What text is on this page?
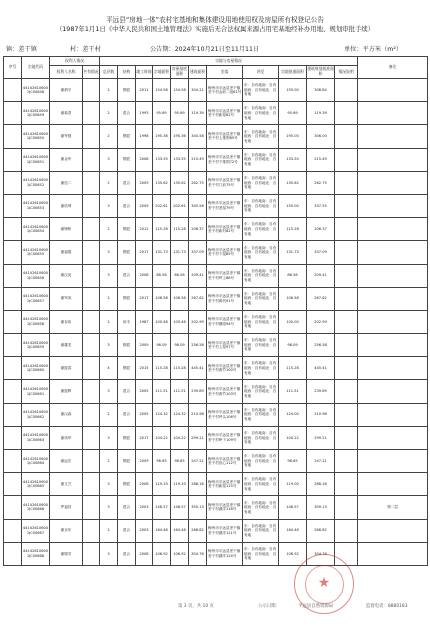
平远县“房地一体”农村宅基地和集体建设用地使用权及房屋所有权登记公告
（1987年1月1日《中华人民共和国土地管理法》实施后无合法权属来源占用宅基地经补办用地、规划审批手续）
镇：差干镇	村：差干村	公告期：2024年10月21日至11月11日	单位：平方米（m²）
序号	宗地代码	权利人情况		宗地与房屋情况											备注
		权利人名称	共有情况	总层数	结构	竣工时间	宗地面积	房屋基底面积	建筑面积	坐落	四至	宗地批准面积	建筑规划批准面积	情况说明	
	441426106001JC00648	谢炳平		2	钢混	2011	154.58	154.58	304.21	梅州市平远县差干镇差干村金前二组61号	东：自有地南：自有地西：自有地北：自有地	155.00	308.84		
	441426106001JC00649	谢菊香		2	混合	1993	95.69	95.69	119.39	梅州市平远县差干镇差干村新屋62号	东：自有地南：自有地西：自有地北：自有地	95.69	119.39		
	441426106001JC00650	谢军强		2	钢混	1998	195.36	195.36	340.58	梅州市平远县差干镇差干村上排围65号	东：自有地南：自有地西：自有地北：自有地	195.00	306.00		
	441426106001JC00651	谢金华		3	钢混	2008	133.55	133.55	215.49	梅州市平远县差干镇差干村下排围72号	东：自有地南：自有地西：自有地北：自有地	133.50	215.49		
	441426106001JC00652	谢伍二		2	混合	2009	135.62	135.62	262.75	梅州市平远县差干镇差干村门前75号	东：自有地南：自有地西：自有地北：自有地	135.62	262.75		
	441426106001JC00653	谢佑坤		3	混合	2009	202.61	202.61	345.56	梅州市平远县差干镇差干村老屋79号	东：自有地南：自有地西：自有地北：自有地	150.00	337.55		
	441426106001JC00654	谢锋桥		2	钢混	2012	115.28	115.28	206.37	梅州市平远县差干镇差干村新村82号	东：自有地南：自有地西：自有地北：自有地	115.28	206.37		
	441426106001JC00655	谢福德		3	钢混	2017	131.73	131.73	337.09	梅州市平远县差干镇差干村下屋85号	东：自有地南：自有地西：自有地北：自有地	131.73	337.09		
	441426106001JC00656	谢汉炎		3	混合	2008	86.56	86.56	209.41	梅州市平远县差干镇差干村坪上88号	东：自有地南：自有地西：自有地北：自有地	86.56	209.41		
	441426106001JC00657	谢军凤		2	钢混	2017	106.58	106.58	267.62	梅州市平远县差干镇差干村黄坑91号	东：自有地南：自有地西：自有地北：自有地	106.58	267.62		
	441426106001JC00658	谢存伟		2	砖木	1987	100.46	100.46	202.99	梅州市平远县差干镇差干村塘面94号	东：自有地南：自有地西：自有地北：自有地	100.00	202.99		
	441426106001JC00659	谢耀龙		3	钢混	2009	98.09	98.09	256.58	梅州市平远县差干镇差干村上屋97号	东：自有地南：自有地西：自有地北：自有地	98.09	256.58		
	441426106001JC00660	谢振春		4	钢混	2015	115.28	115.28	445.41	梅州市平远县差干镇差干村黄竹100号	东：自有地南：自有地西：自有地北：自有地	115.28	445.41		
	441426106001JC00661	谢振辉		3	混合	2005	111.51	111.51	239.89	梅州市平远县差干镇差干村黄竹103号	东：自有地南：自有地西：自有地北：自有地	111.51	239.89		
	441426106001JC00662	谢汉森		2	混合	2005	124.32	124.32	210.98	梅州市平远县差干镇差干村坪头106号	东：自有地南：自有地西：自有地北：自有地	124.00	210.98		
	441426106001JC00663	谢伟华		3	钢混	2017	104.22	104.22	299.21	梅州市平远县差干镇差干村岭下109号	东：自有地南：自有地西：自有地北：自有地	104.22	299.21		
	441426106001JC00664	谢远宏		2	钢混	2009	98.65	98.65	247.21	梅州市平远县差干镇差干村田心112号	东：自有地南：自有地西：自有地北：自有地	98.65	247.21		
	441426106001JC00665	谢文芝		3	钢混	2008	119.33	119.33	288.16	梅州市平远县差干镇差干村新屋115号	东：自有地南：自有地西：自有地北：自有地	119.00	288.16		
	441426106001JC00666	罗福昌		3	混合	2003	148.57	148.57	350.13	梅州市平远县差干镇差干村湖洋118号	东：自有地南：自有地西：自有地北：自有地	148.57	309.13		第二层
	441426106001JC00667	谢京东		2	混合	2003	164.46	164.46	266.82	梅州市平远县差干镇差干村湖洋121号	东：自有地南：自有地西：自有地北：自有地	164.46	266.82		
	441426106001JC00668	谢锦芳		3	混合	2008	106.92	106.92	304.76	梅州市平远县差干镇差干村湖洋124号	东：自有地南：自有地西：自有地北：自有地	106.92	304.76		
★
第 3 页，共 10 页	公示日期：	平远县自然资源局	监督电话：8880183
